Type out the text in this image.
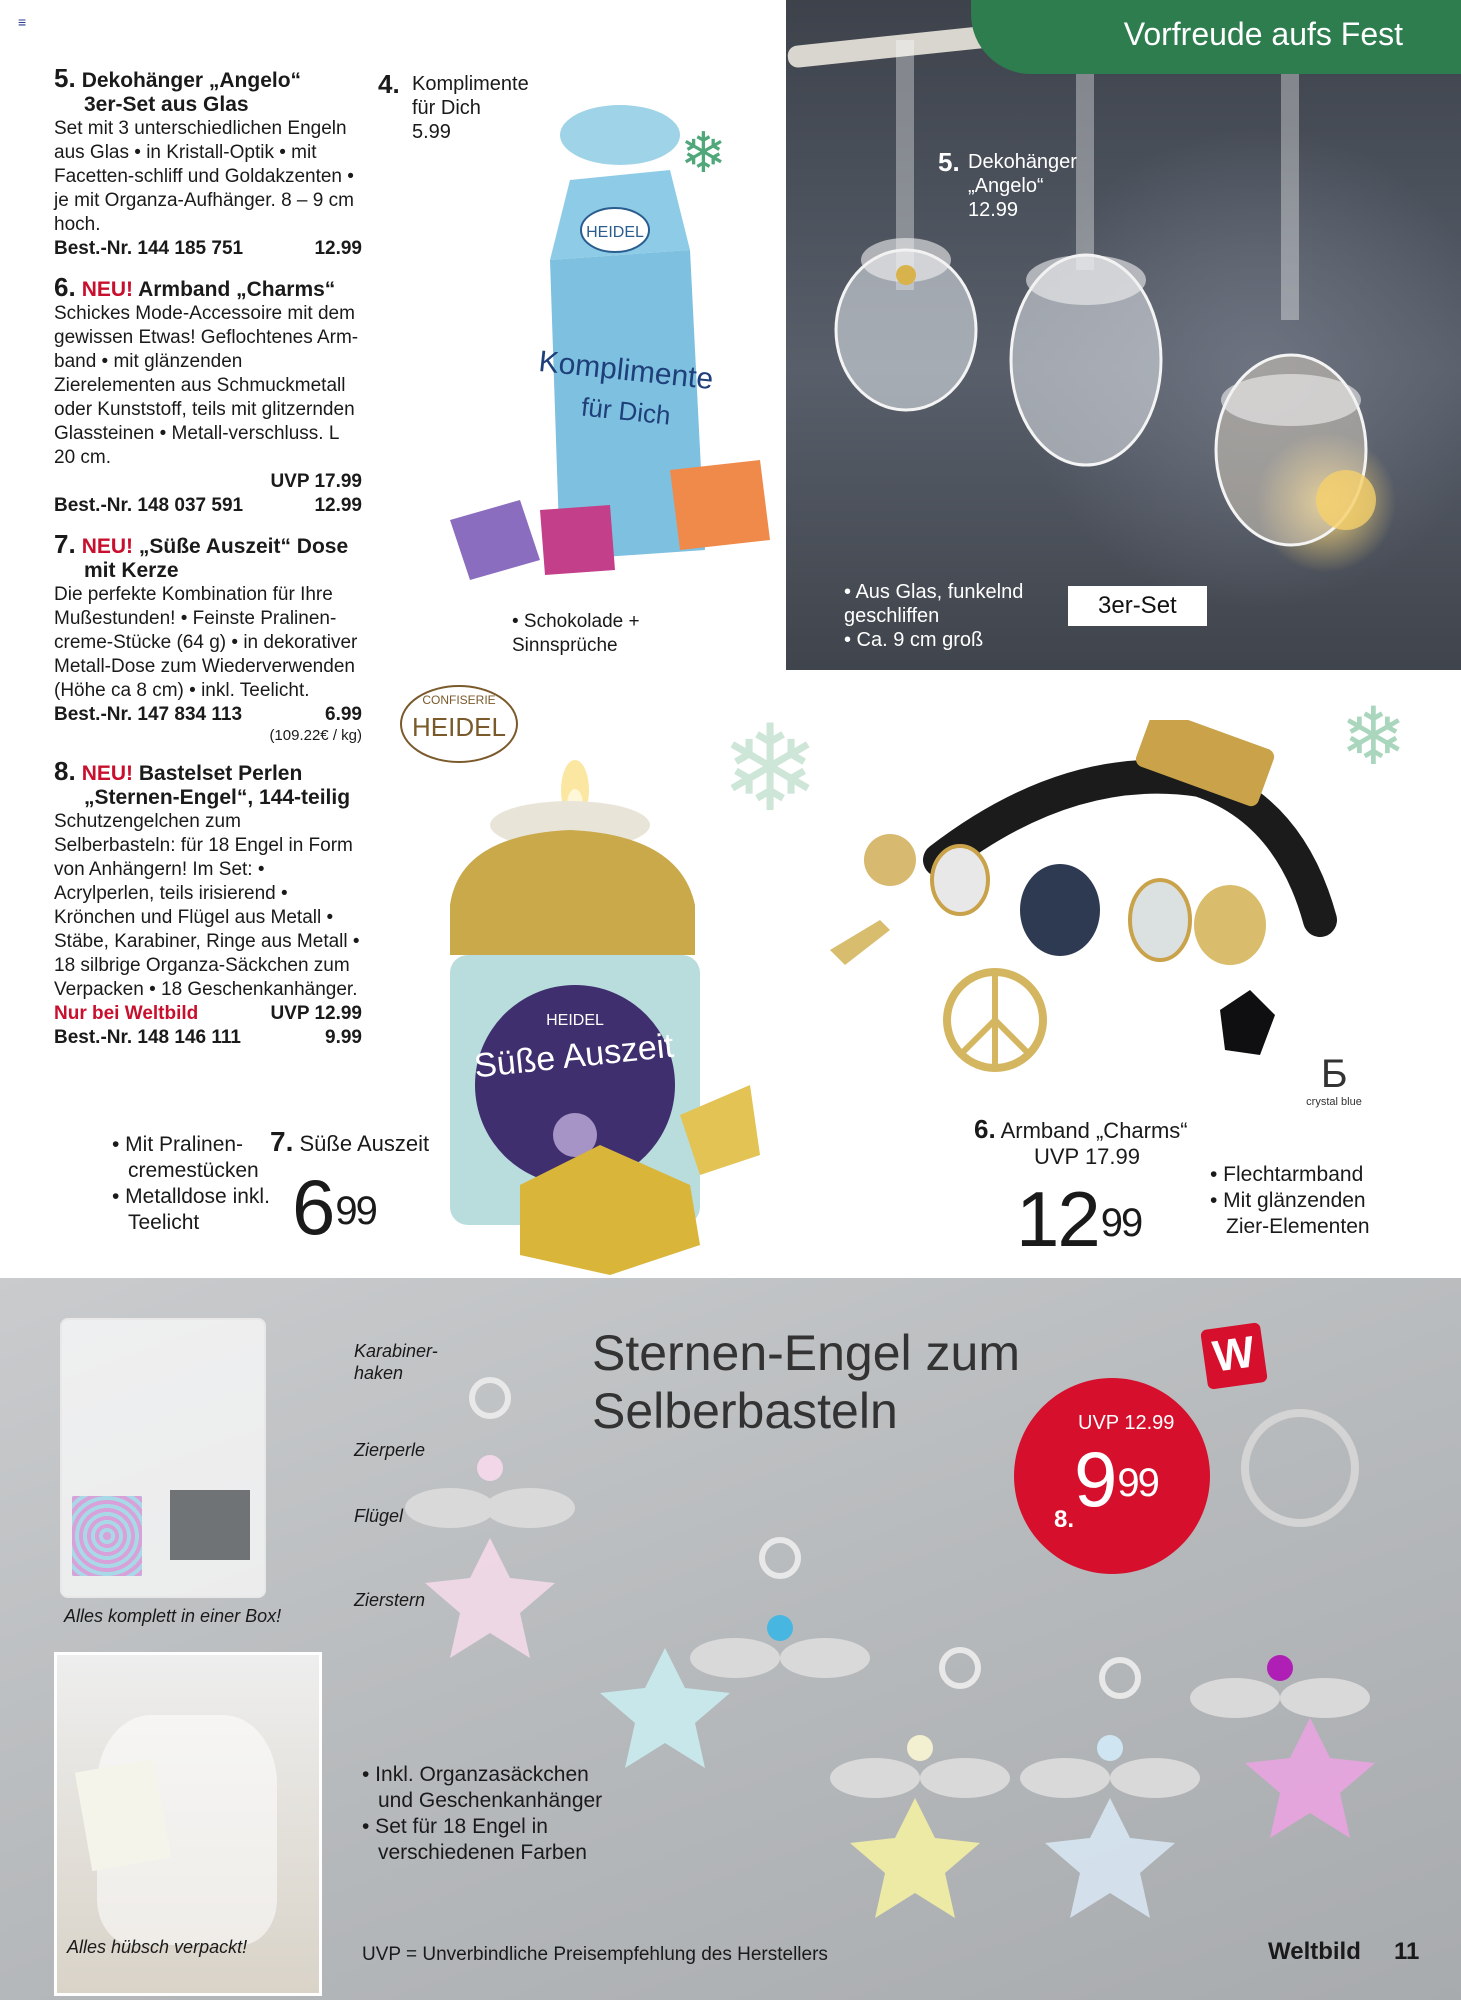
≡
5. Dekohänger „Angelo“
3er-Set aus Glas
Set mit 3 unterschiedlichen Engeln aus Glas • in Kristall-Optik • mit Facetten-schliff und Goldakzenten • je mit Organza-Aufhänger. 8 – 9 cm hoch.
Best.-Nr. 144 185 751	12.99
6. NEU! Armband „Charms“
Schickes Mode-Accessoire mit dem gewissen Etwas! Geflochtenes Arm-band • mit glänzenden Zierelementen aus Schmuckmetall oder Kunststoff, teils mit glitzernden Glassteinen • Metall-verschluss. L 20 cm.
UVP 17.99
Best.-Nr. 148 037 591	12.99
7. NEU! „Süße Auszeit“ Dose
mit Kerze
Die perfekte Kombination für Ihre Mußestunden! • Feinste Pralinen-creme-Stücke (64 g) • in dekorativer Metall-Dose zum Wiederverwenden (Höhe ca 8 cm) • inkl. Teelicht.
Best.-Nr. 147 834 113	6.99
(109.22€ / kg)
8. NEU! Bastelset Perlen
„Sternen-Engel“, 144-teilig
Schutzengelchen zum Selberbasteln: für 18 Engel in Form von Anhängern! Im Set: • Acrylperlen, teils irisierend • Krönchen und Flügel aus Metall • Stäbe, Karabiner, Ringe aus Metall • 18 silbrige Organza-Säckchen zum Verpacken • 18 Geschenkanhänger.
Nur bei Weltbild	UVP 12.99
Best.-Nr. 148 146 111	9.99
4. Komplimente für Dich
5.99
HEIDEL
Komplimente
für Dich
• Schokolade + Sinnsprüche
❄
❄	❄
Vorfreude aufs Fest
5. Dekohänger „Angelo“
12.99
• Aus Glas, funkelnd geschliffen
• Ca. 9 cm groß
3er-Set
CONFISERIE
HEIDEL
HEIDEL
Süße Auszeit
• Mit Pralinen-cremestücken
• Metalldose inkl. Teelicht
7. Süße Auszeit
$6^{99}$
Ƃ
crystal blue
6. Armband „Charms“
UVP 17.99
$12^{99}$
• Flechtarmband
• Mit glänzenden Zier-Elementen
Alles komplett in einer Box!
Alles hübsch verpackt!
Karabiner-haken
Zierperle
Flügel
Zierstern
Sternen-Engel zum
Selberbasteln
W
UVP 12.99
$9^{99}$
8.
• Inkl. Organzasäckchen und Geschenkanhänger
• Set für 18 Engel in verschiedenen Farben
UVP = Unverbindliche Preisempfehlung des Herstellers	Weltbild 11
